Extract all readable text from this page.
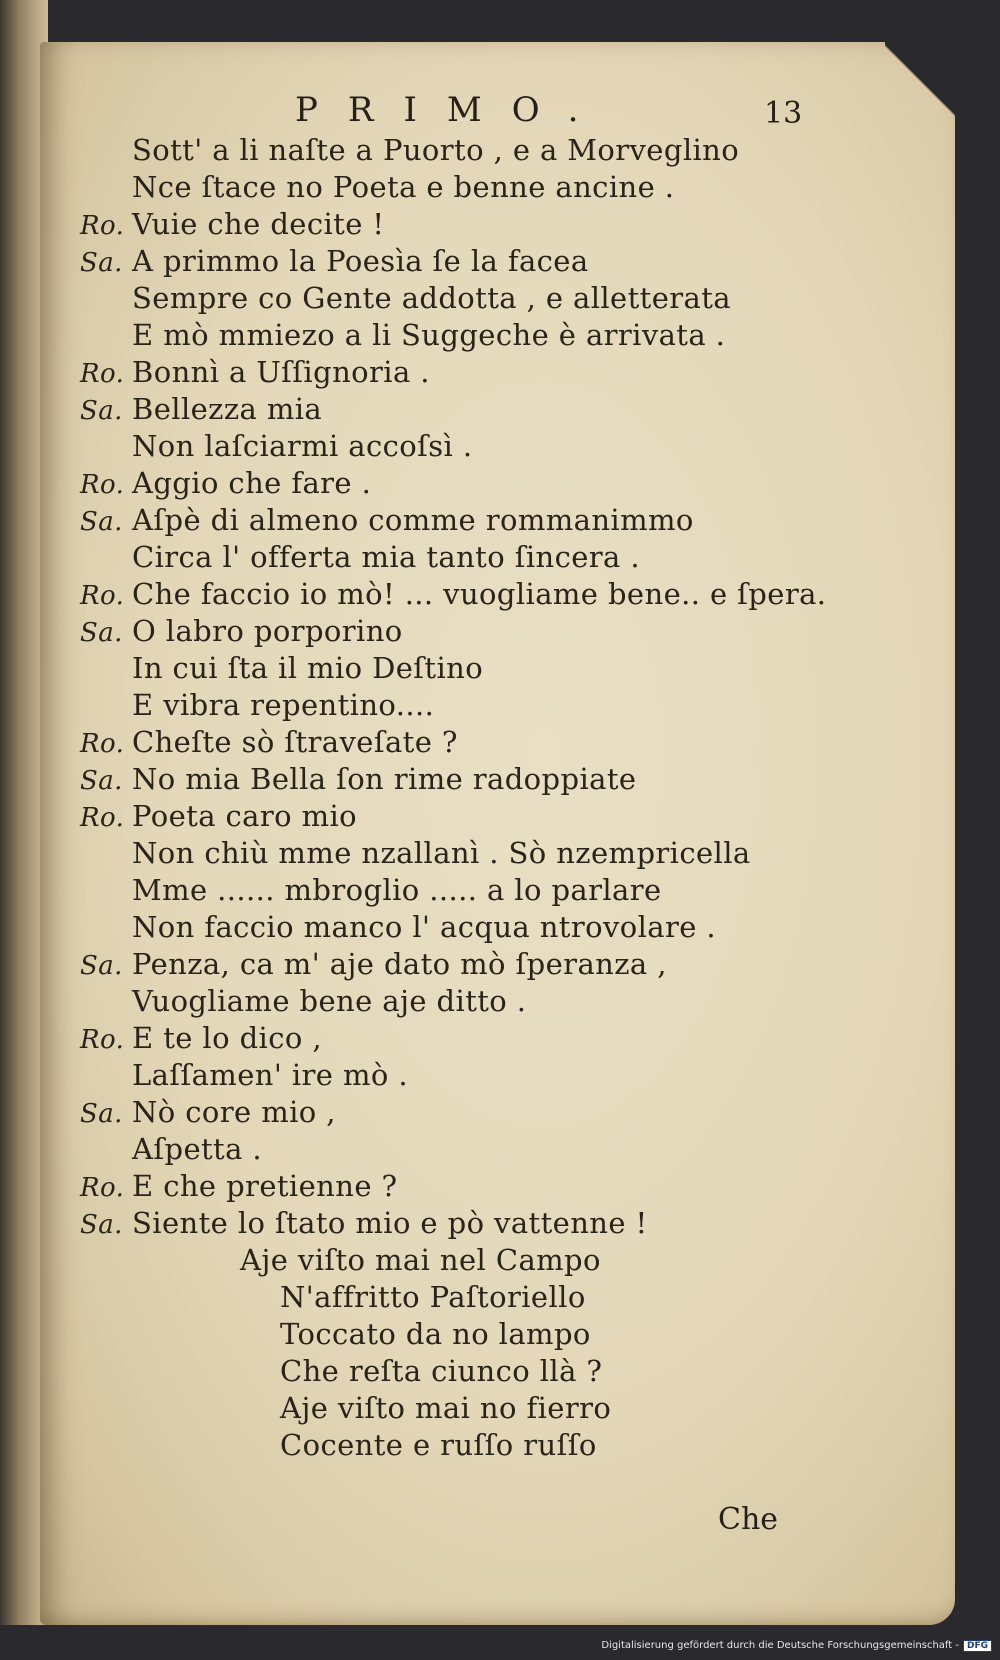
PRIMO.	13
Sott' a li naſte a Puorto , e a Morveglino
Nce ſtace no Poeta e benne ancine .
Ro. Vuie che decite !
Sa. A primmo la Poesìa ſe la facea
Sempre co Gente addotta , e alletterata
E mò mmiezo a li Suggeche è arrivata .
Ro. Bonnì a Uſſignoria .
Sa. Bellezza mia
Non laſciarmi accoſsì .
Ro. Aggio che fare .
Sa. Aſpè di almeno comme rommanimmo
Circa l' offerta mia tanto ſincera .
Ro. Che faccio io mò! ... vuogliame bene.. e ſpera.
Sa. O labro porporino
In cui ſta il mio Deſtino
E vibra repentino....
Ro. Cheſte sò ſtraveſate ?
Sa. No mia Bella ſon rime radoppiate
Ro. Poeta caro mio
Non chiù mme nzallanì . Sò nzempricella
Mme ...... mbroglio ..... a lo parlare
Non faccio manco l' acqua ntrovolare .
Sa. Penza, ca m' aje dato mò ſperanza ,
Vuogliame bene aje ditto .
Ro. E te lo dico ,
Laſſamen' ire mò .
Sa. Nò core mio ,
Aſpetta .
Ro. E che pretienne ?
Sa. Siente lo ſtato mio e pò vattenne !
Aje viſto mai nel Campo
N'affritto Paſtoriello
Toccato da no lampo
Che reſta ciunco llà ?
Aje viſto mai no fierro
Cocente e ruſſo ruſſo
Che
Digitalisierung gefördert durch die Deutsche Forschungsgemeinschaft - DFG
